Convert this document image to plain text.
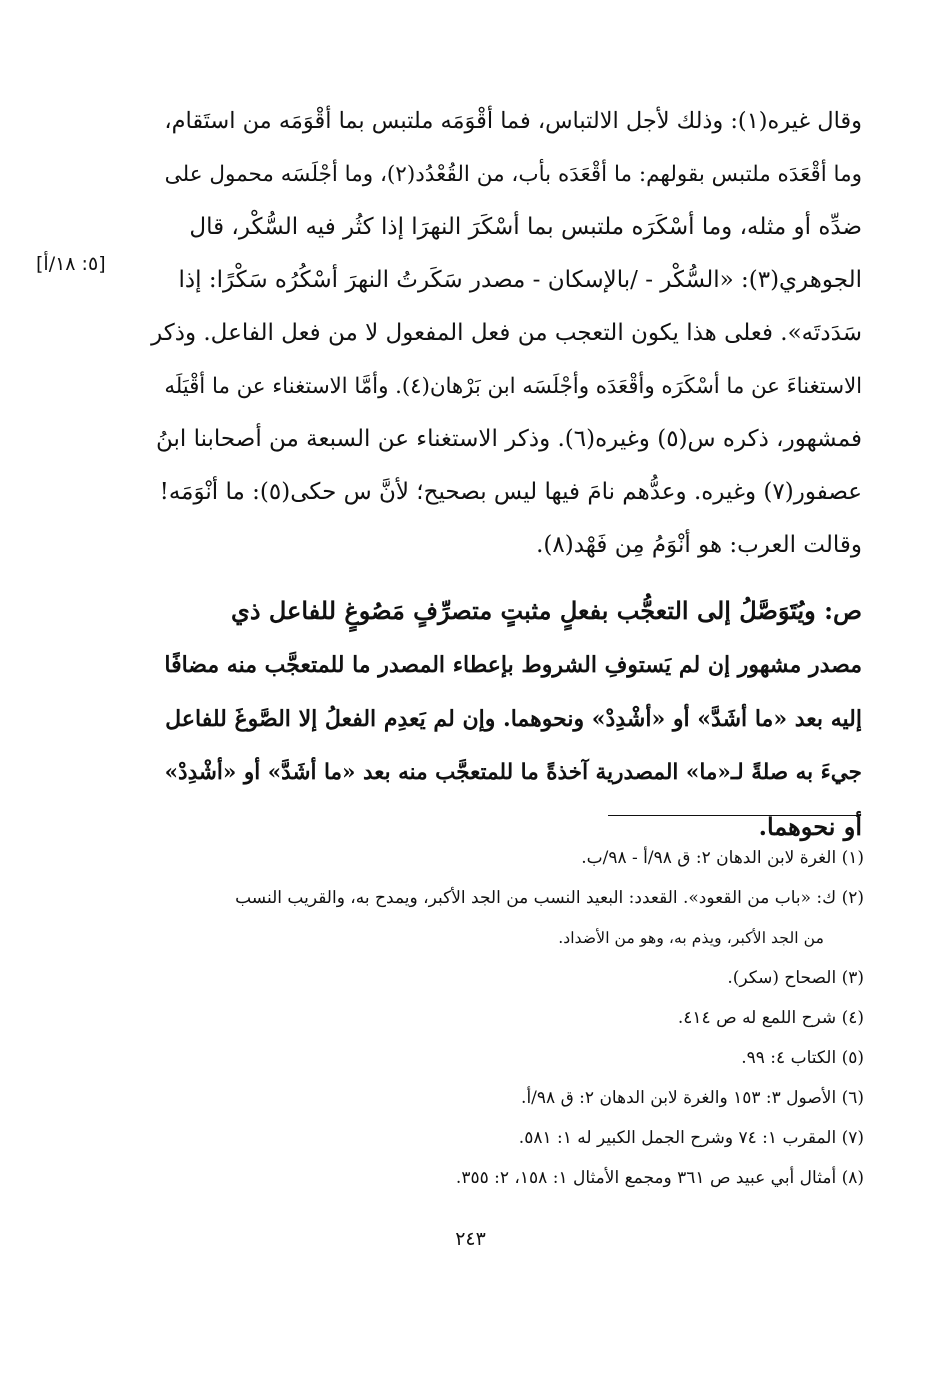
[٥: ١٨/أ]
وقال غيره(١): وذلك لأجل الالتباس، فما أقْوَمَه ملتبس بما أقْوَمَه من استَقام،
وما أقْعَدَه ملتبس بقولهم: ما أقْعَدَه بأب، من القُعْدُد(٢)، وما أجْلَسَه محمول على
ضدِّه أو مثله، وما أسْكَرَه ملتبس بما أسْكَرَ النهرَا إذا كثُر فيه السُّكْر، قال
الجوهري(٣): «السُّكْر - /بالإسكان - مصدر سَكَرتُ النهرَ أسْكُرُه سَكْرًا: إذا
سَدَدتَه». فعلى هذا يكون التعجب من فعل المفعول لا من فعل الفاعل. وذكر
الاستغناءَ عن ما أسْكَرَه وأقْعَدَه وأجْلَسَه ابن بَرْهان(٤). وأمَّا الاستغناء عن ما أقْيَلَه
فمشهور، ذكره س(٥) وغيره(٦). وذكر الاستغناء عن السبعة من أصحابنا ابنُ
عصفور(٧) وغيره. وعدُّهم نامَ فيها ليس بصحيح؛ لأنَّ س حكى(٥): ما أنْوَمَه!
وقالت العرب: هو أنْوَمُ مِن فَهْد(٨).
ص: ويُتَوَصَّلُ إلى التعجُّب بفعلٍ مثبتٍ متصرِّفٍ مَصُوغٍ للفاعل ذي
مصدر مشهور إن لم يَستوفِ الشروط بإعطاء المصدر ما للمتعجَّب منه مضافًا
إليه بعد «ما أشَدَّ» أو «أشْدِدْ» ونحوهما. وإن لم يَعدِم الفعلُ إلا الصَّوغَ للفاعل
جيءَ به صلةً لـ«ما» المصدرية آخذةً ما للمتعجَّب منه بعد «ما أشَدَّ» أو «أشْدِدْ»
أو نحوهما.
(١) الغرة لابن الدهان ٢: ق ٩٨/أ - ٩٨/ب.
(٢) ك: «باب من القعود». القعدد: البعيد النسب من الجد الأكبر، ويمدح به، والقريب النسب
من الجد الأكبر، ويذم به، وهو من الأضداد.
(٣) الصحاح (سكر).
(٤) شرح اللمع له ص ٤١٤.
(٥) الكتاب ٤: ٩٩.
(٦) الأصول ٣: ١٥٣ والغرة لابن الدهان ٢: ق ٩٨/أ.
(٧) المقرب ١: ٧٤ وشرح الجمل الكبير له ١: ٥٨١.
(٨) أمثال أبي عبيد ص ٣٦١ ومجمع الأمثال ١: ١٥٨، ٢: ٣٥٥.
٢٤٣
